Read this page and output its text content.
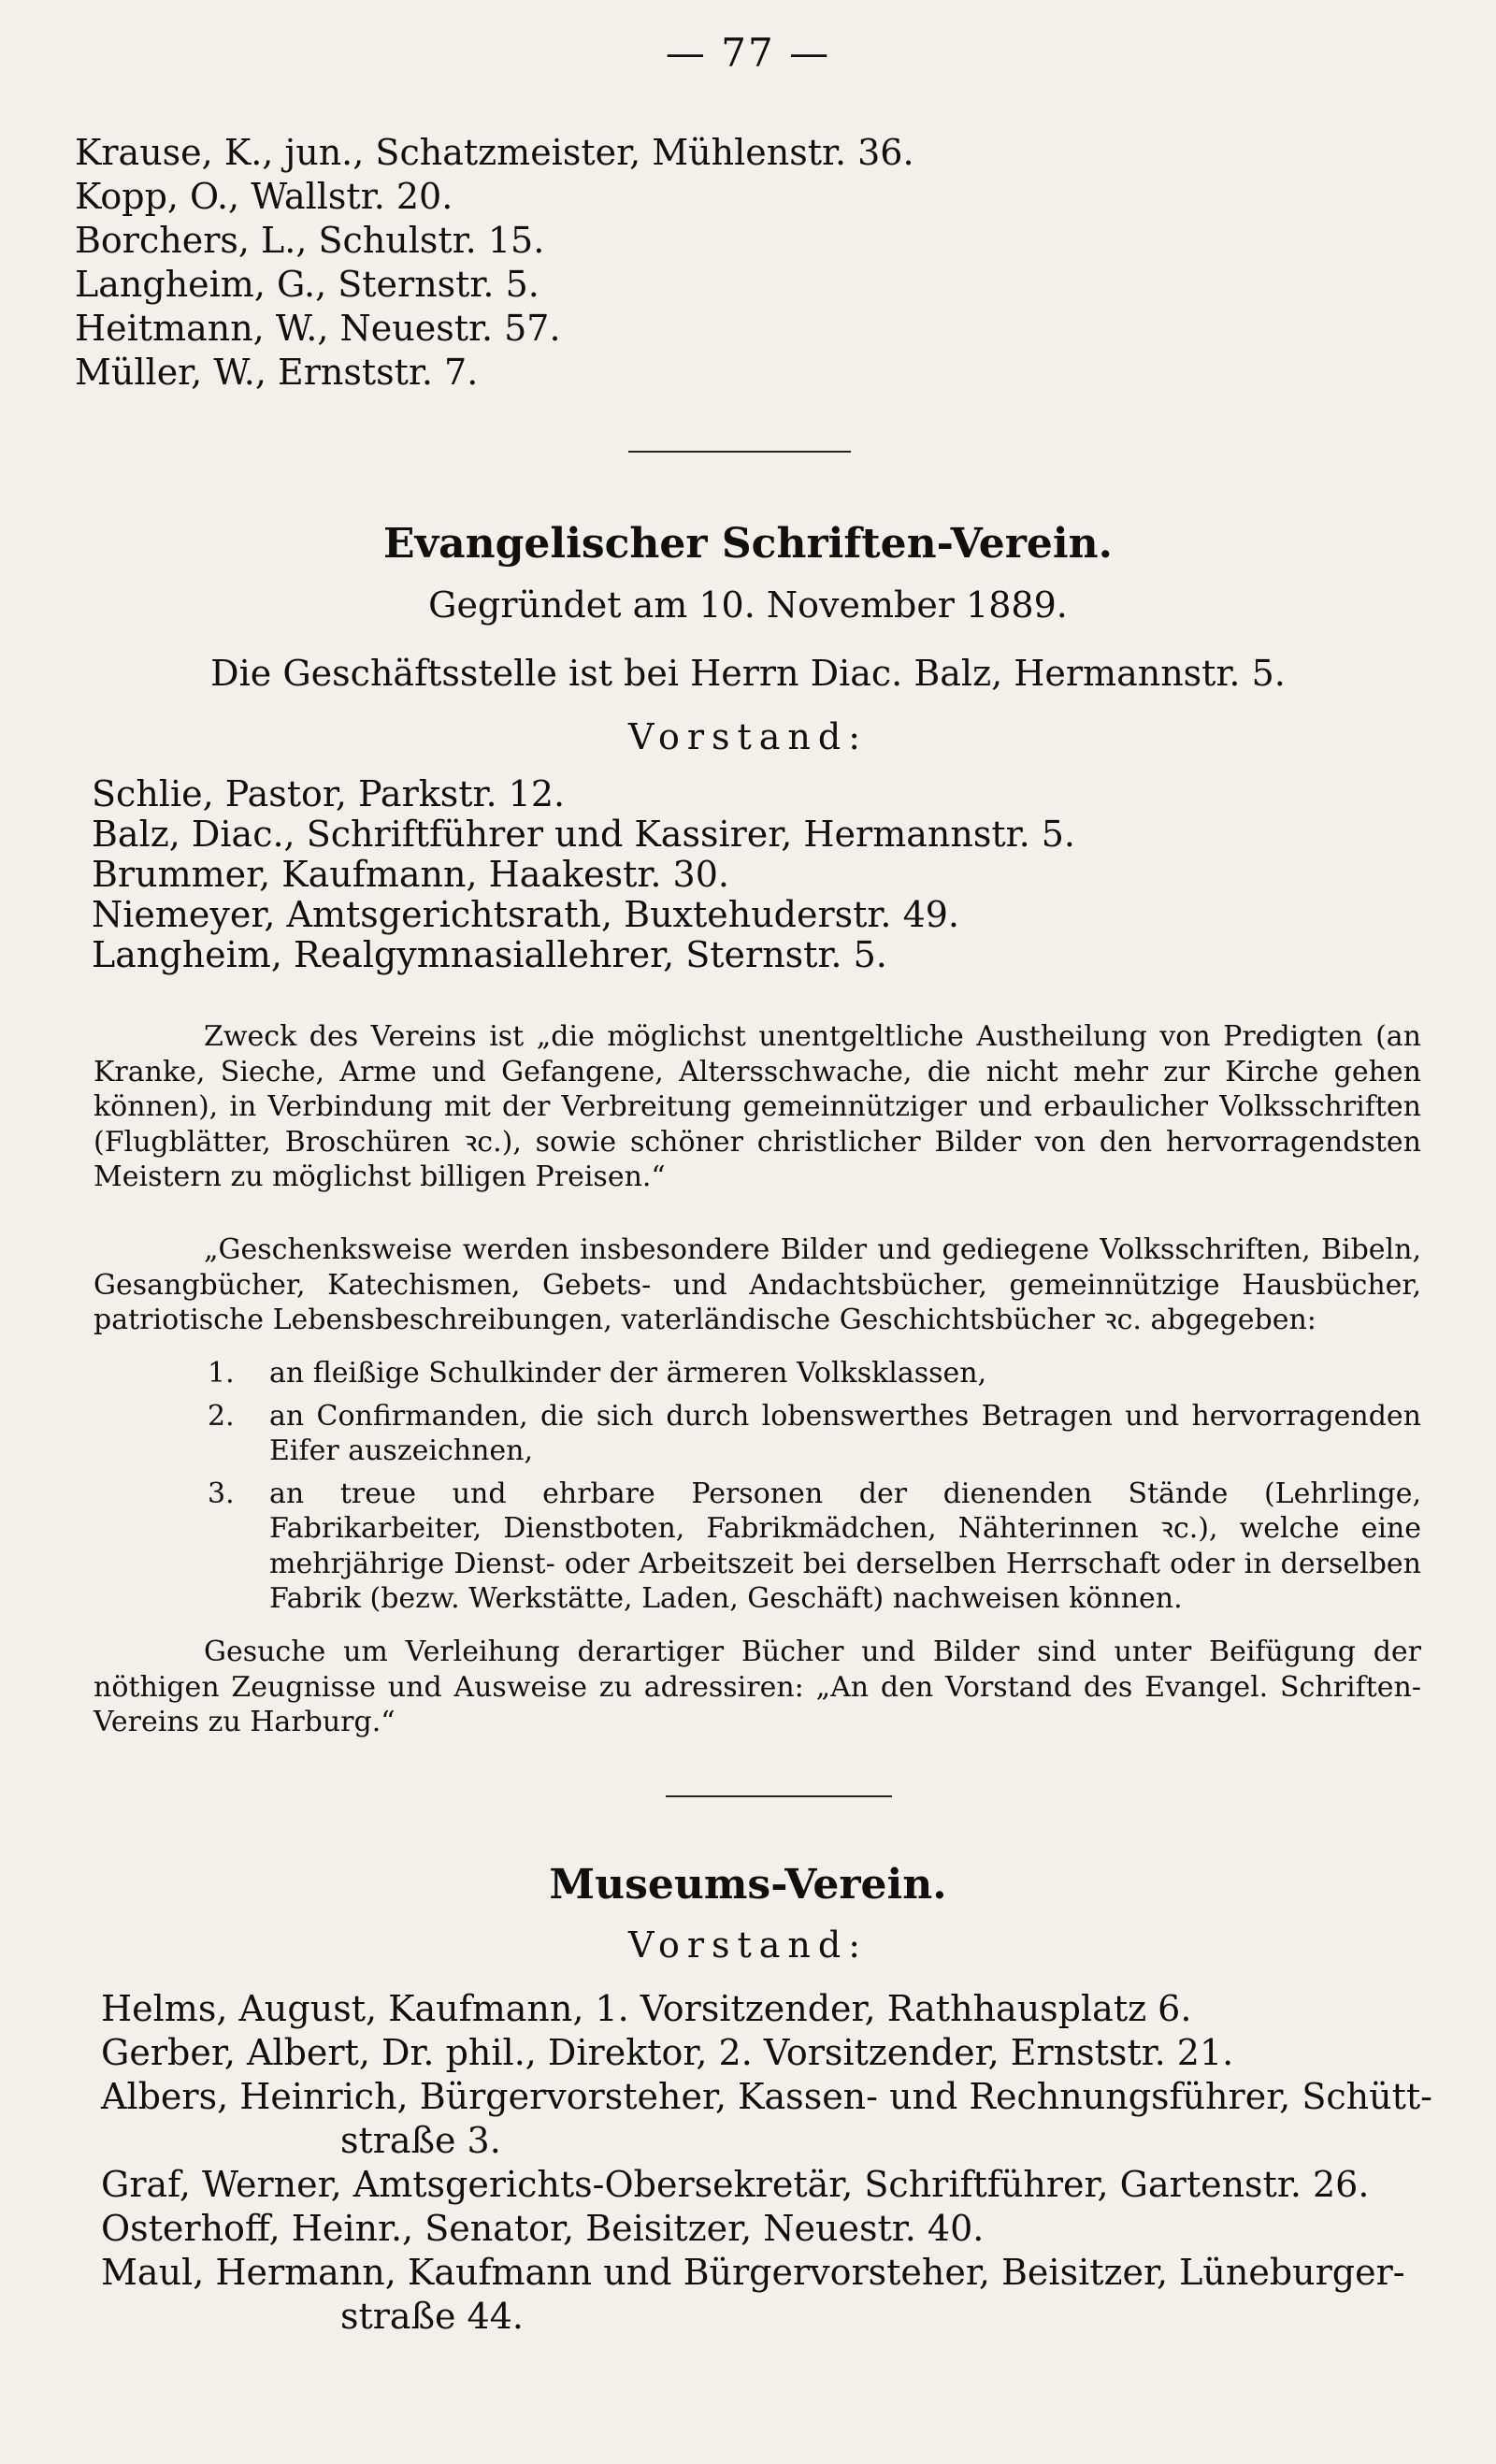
— 77 —
Krause, K., jun., Schatzmeister, Mühlenstr. 36.
Kopp, O., Wallstr. 20.
Borchers, L., Schulstr. 15.
Langheim, G., Sternstr. 5.
Heitmann, W., Neuestr. 57.
Müller, W., Ernststr. 7.
Evangelischer Schriften-Verein.
Gegründet am 10. November 1889.
Die Geschäftsstelle ist bei Herrn Diac. Balz, Hermannstr. 5.
Vorstand:
Schlie, Pastor, Parkstr. 12.
Balz, Diac., Schriftführer und Kassirer, Hermannstr. 5.
Brummer, Kaufmann, Haakestr. 30.
Niemeyer, Amtsgerichtsrath, Buxtehuderstr. 49.
Langheim, Realgymnasiallehrer, Sternstr. 5.
Zweck des Vereins ist „die möglichst unentgeltliche Austheilung von Predigten (an Kranke, Sieche, Arme und Gefangene, Altersschwache, die nicht mehr zur Kirche gehen können), in Verbindung mit der Verbreitung gemeinnütziger und erbaulicher Volksschriften (Flugblätter, Broschüren ꝛc.), sowie schöner christlicher Bilder von den hervorragendsten Meistern zu möglichst billigen Preisen.“
„Geschenksweise werden insbesondere Bilder und gediegene Volksschriften, Bibeln, Gesangbücher, Katechismen, Gebets- und Andachtsbücher, gemeinnützige Hausbücher, patriotische Lebensbeschreibungen, vaterländische Geschichtsbücher ꝛc. abgegeben:
1. an fleißige Schulkinder der ärmeren Volksklassen,
2. an Confirmanden, die sich durch lobenswerthes Betragen und hervorragenden Eifer auszeichnen,
3. an treue und ehrbare Personen der dienenden Stände (Lehrlinge, Fabrikarbeiter, Dienstboten, Fabrikmädchen, Nähterinnen ꝛc.), welche eine mehrjährige Dienst- oder Arbeitszeit bei derselben Herrschaft oder in derselben Fabrik (bezw. Werkstätte, Laden, Geschäft) nachweisen können.
Gesuche um Verleihung derartiger Bücher und Bilder sind unter Beifügung der nöthigen Zeugnisse und Ausweise zu adressiren: „An den Vorstand des Evangel. Schriften-Vereins zu Harburg.“
Museums-Verein.
Vorstand:
Helms, August, Kaufmann, 1. Vorsitzender, Rathhausplatz 6.
Gerber, Albert, Dr. phil., Direktor, 2. Vorsitzender, Ernststr. 21.
Albers, Heinrich, Bürgervorsteher, Kassen- und Rechnungsführer, Schütt-
straße 3.
Graf, Werner, Amtsgerichts-Obersekretär, Schriftführer, Gartenstr. 26.
Osterhoff, Heinr., Senator, Beisitzer, Neuestr. 40.
Maul, Hermann, Kaufmann und Bürgervorsteher, Beisitzer, Lüneburger-
straße 44.
